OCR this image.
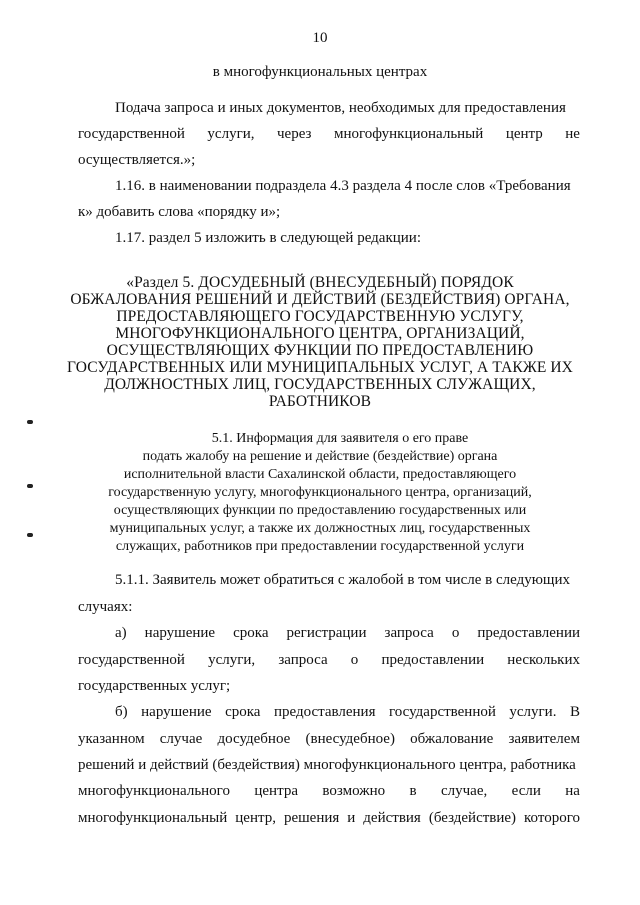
10
в многофункциональных центрах
Подача запроса и иных документов, необходимых для предоставления
государственной услуги, через многофункциональный центр не
осуществляется.»;
1.16. в наименовании подраздела 4.3 раздела 4 после слов «Требования
к» добавить слова «порядку и»;
1.17. раздел 5 изложить в следующей редакции:
«Раздел 5. ДОСУДЕБНЫЙ (ВНЕСУДЕБНЫЙ) ПОРЯДОК
ОБЖАЛОВАНИЯ РЕШЕНИЙ И ДЕЙСТВИЙ (БЕЗДЕЙСТВИЯ) ОРГАНА,
ПРЕДОСТАВЛЯЮЩЕГО ГОСУДАРСТВЕННУЮ УСЛУГУ,
МНОГОФУНКЦИОНАЛЬНОГО ЦЕНТРА, ОРГАНИЗАЦИЙ,
ОСУЩЕСТВЛЯЮЩИХ ФУНКЦИИ ПО ПРЕДОСТАВЛЕНИЮ
ГОСУДАРСТВЕННЫХ ИЛИ МУНИЦИПАЛЬНЫХ УСЛУГ, А ТАКЖЕ ИХ
ДОЛЖНОСТНЫХ ЛИЦ, ГОСУДАРСТВЕННЫХ СЛУЖАЩИХ,
РАБОТНИКОВ
5.1. Информация для заявителя о его праве
подать жалобу на решение и действие (бездействие) органа
исполнительной власти Сахалинской области, предоставляющего
государственную услугу, многофункционального центра, организаций,
осуществляющих функции по предоставлению государственных или
муниципальных услуг, а также их должностных лиц, государственных
служащих, работников при предоставлении государственной услуги
5.1.1. Заявитель может обратиться с жалобой в том числе в следующих
случаях:
а) нарушение срока регистрации запроса о предоставлении
государственной услуги, запроса о предоставлении нескольких
государственных услуг;
б) нарушение срока предоставления государственной услуги. В
указанном случае досудебное (внесудебное) обжалование заявителем
решений и действий (бездействия) многофункционального центра, работника
многофункционального центра возможно в случае, если на
многофункциональный центр, решения и действия (бездействие) которого
